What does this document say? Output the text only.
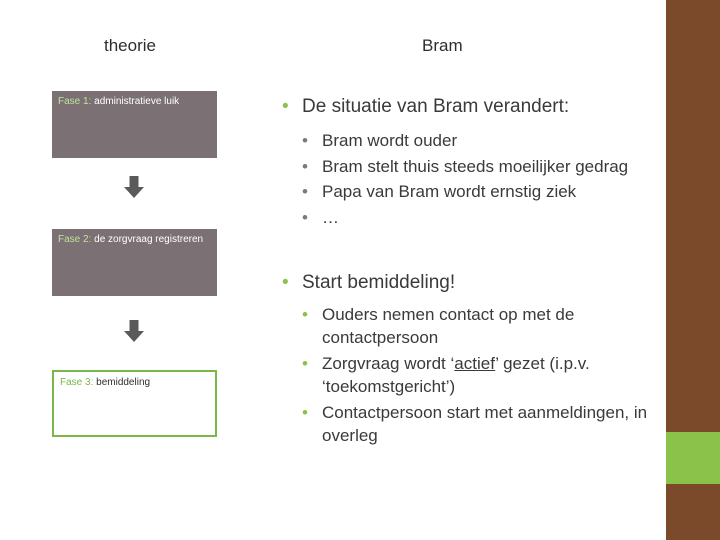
theorie	Bram
Fase 1: administratieve luik
Fase 2: de zorgvraag registreren
Fase 3: bemiddeling
• De situatie van Bram verandert:
• Bram wordt ouder
• Bram stelt thuis steeds moeilijker gedrag
• Papa van Bram wordt ernstig ziek
• …
• Start bemiddeling!
• Ouders nemen contact op met de contactpersoon
• Zorgvraag wordt ‘actief’ gezet (i.p.v. ‘toekomstgericht’)
• Contactpersoon start met aanmeldingen, in overleg
